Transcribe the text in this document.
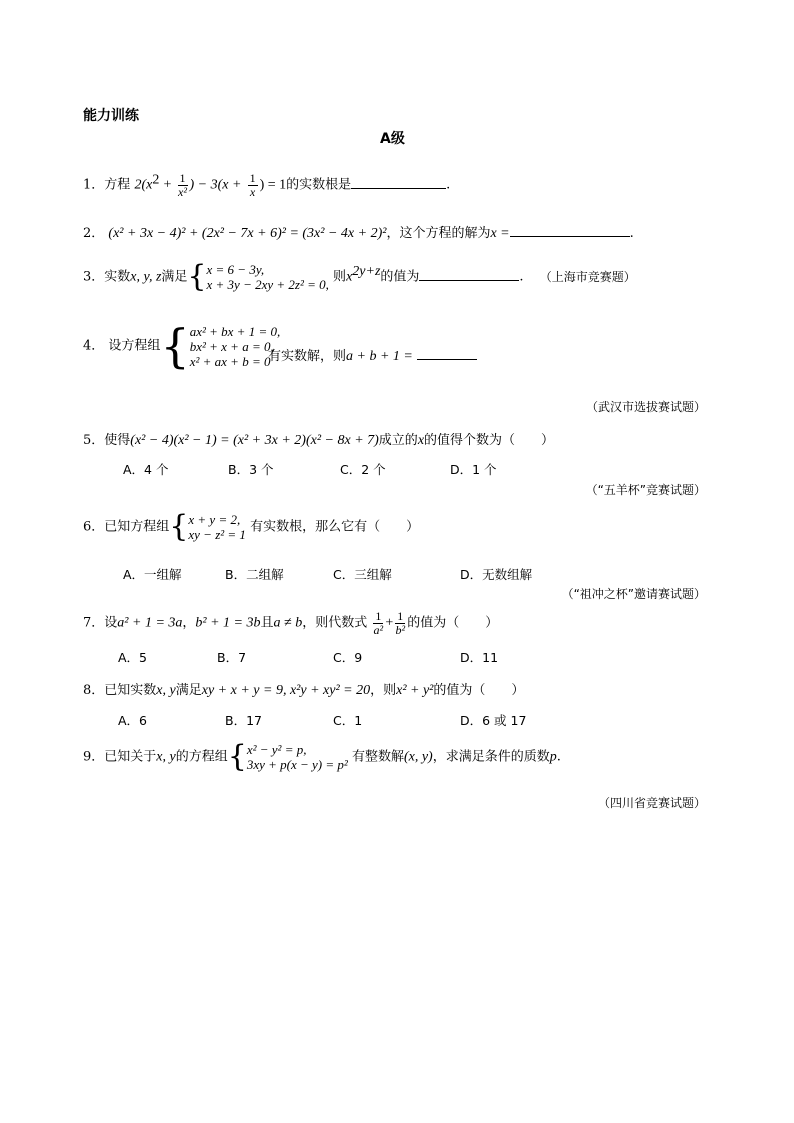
能力训练
A级
1．方程 $2(x^2 + \frac{1}{\text{x²}}$ ) − $3(x + \frac{1}{x}$ ) = 1的实数根是	.
2． (x² + 3x − 4)² + (2x² − 7x + 6)² = (3x² − 4x + 2)²，这个方程的解为x =	.
3．实数x, y, z满足{ x = 6 − 3y,
x + 3y − 2xy + 2z² = 0, 则$x^{2y+z}$的值为	. （上海市竞赛题）
4． 设方程组{ ax² + bx + 1 = 0,
bx² + x + a = 0,
x² + ax + b = 0
有实数解，则a + b + 1 =
（武汉市选拔赛试题）
5．使得(x² − 4)(x² − 1) = (x² + 3x + 2)(x² − 8x + 7)成立的x的值得个数为（　　）
A．4 个	B．3 个	C．2 个	D．1 个
（“五羊杯”竞赛试题）
6．已知方程组{ x + y = 2,
xy − z² = 1 有实数根，那么它有（　　）
A．一组解	B．二组解	C．三组解	D．无数组解
（“祖冲之杯”邀请赛试题）
7．设a² + 1 = 3a，b² + 1 = 3b且a ≠ b，则代数式 $\frac{1}{\text{a²}} + \frac{1}{\text{b²}}$ 的值为（　　）
A．5	B．7	C．9	D．11
8．已知实数x, y满足xy + x + y = 9, x²y + xy² = 20，则x² + y²的值为（　　）
A．6	B．17	C．1	D．6 或 17
9．已知关于x, y的方程组{ x² − y² = p,
3xy + p(x − y) = p² 有整数解(x, y)，求满足条件的质数p.
（四川省竞赛试题）
